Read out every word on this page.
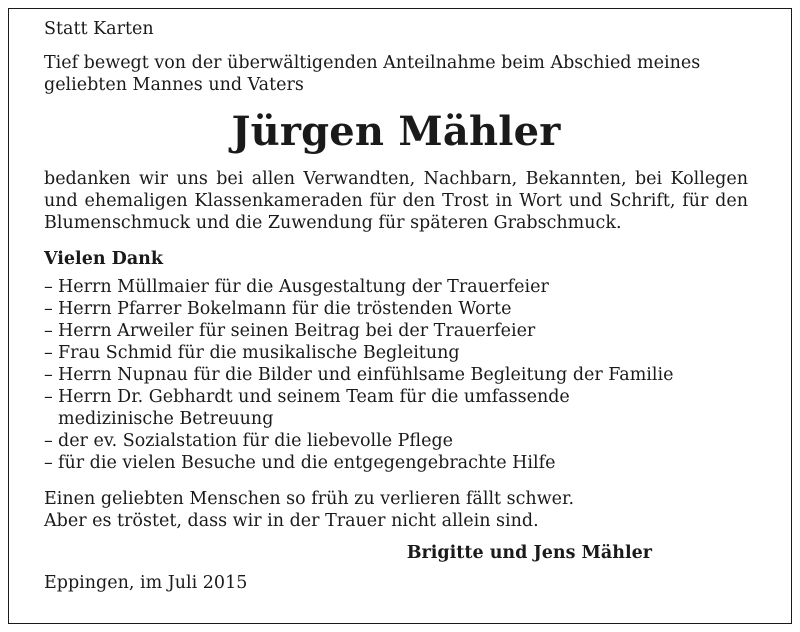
Statt Karten
Tief bewegt von der überwältigenden Anteilnahme beim Abschied meines
geliebten Mannes und Vaters
Jürgen Mähler
bedanken wir uns bei allen Verwandten, Nachbarn, Bekannten, bei Kollegen
und ehemaligen Klassenkameraden für den Trost in Wort und Schrift, für den
Blumenschmuck und die Zuwendung für späteren Grabschmuck.
Vielen Dank
– Herrn Müllmaier für die Ausgestaltung der Trauerfeier
– Herrn Pfarrer Bokelmann für die tröstenden Worte
– Herrn Arweiler für seinen Beitrag bei der Trauerfeier
– Frau Schmid für die musikalische Begleitung
– Herrn Nupnau für die Bilder und einfühlsame Begleitung der Familie
– Herrn Dr. Gebhardt und seinem Team für die umfassende
medizinische Betreuung
– der ev. Sozialstation für die liebevolle Pflege
– für die vielen Besuche und die entgegengebrachte Hilfe
Einen geliebten Menschen so früh zu verlieren fällt schwer.
Aber es tröstet, dass wir in der Trauer nicht allein sind.
Brigitte und Jens Mähler
Eppingen, im Juli 2015
